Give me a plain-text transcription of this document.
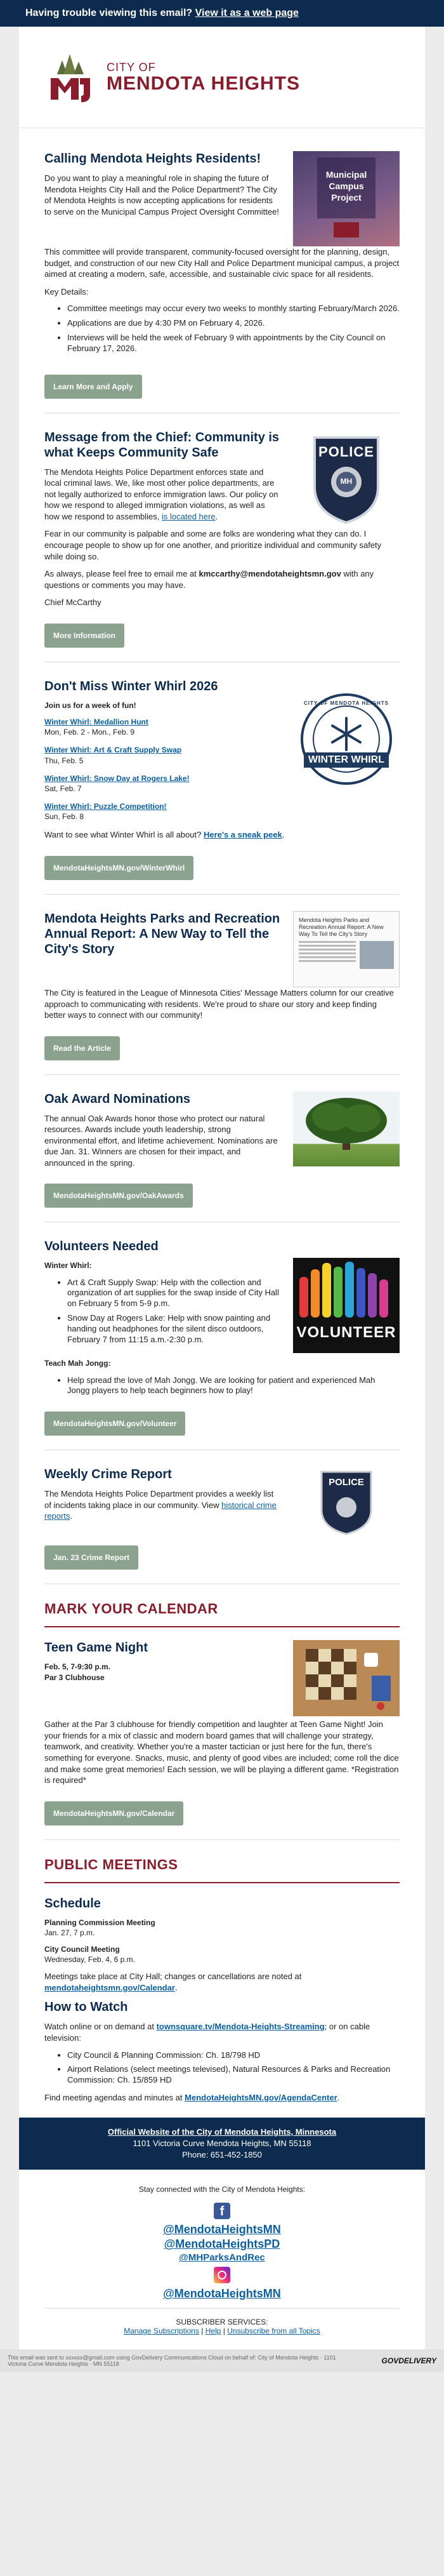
Having trouble viewing this email? View it as a web page
CITY OF
MENDOTA HEIGHTS
Calling Mendota Heights Residents!

Do you want to play a meaningful role in shaping the future of Mendota Heights City Hall and the Police Department? The City of Mendota Heights is now accepting applications for residents to serve on the Municipal Campus Project Oversight Committee!

Municipal
Campus
Project

This committee will provide transparent, community-focused oversight for the planning, design, budget, and construction of our new City Hall and Police Department municipal campus, a project aimed at creating a modern, safe, accessible, and sustainable civic space for all residents.

Key Details:

• Committee meetings may occur every two weeks to monthly starting February/March 2026.
• Applications are due by 4:30 PM on February 4, 2026.
• Interviews will be held the week of February 9 with appointments by the City Council on February 17, 2026.
Learn More and Apply
Message from the Chief: Community is what Keeps Community Safe

The Mendota Heights Police Department enforces state and local criminal laws. We, like most other police departments, are not legally authorized to enforce immigration laws. Our policy on how we respond to alleged immigration violations, as well as how we respond to assemblies, is located here.

POLICE
MH

Fear in our community is palpable and some are folks are wondering what they can do. I encourage people to show up for one another, and prioritize individual and community safety while doing so.

As always, please feel free to email me at kmccarthy@mendotaheightsmn.gov with any questions or comments you may have.

Chief McCarthy

More Information
Don't Miss Winter Whirl 2026

Join us for a week of fun!

Winter Whirl: Medallion Hunt
Mon, Feb. 2 - Mon., Feb. 9

Winter Whirl: Art & Craft Supply Swap
Thu, Feb. 5

Winter Whirl: Snow Day at Rogers Lake!
Sat, Feb. 7

Winter Whirl: Puzzle Competition!
Sun, Feb. 8

CITY OF MENDOTA HEIGHTS
WINTER WHIRL

Want to see what Winter Whirl is all about? Here's a sneak peek.

MendotaHeightsMN.gov/WinterWhirl
Mendota Heights Parks and Recreation Annual Report: A New Way to Tell the City's Story
Mendota Heights Parks and Recreation Annual Report: A New Way To Tell the City's Story

The City is featured in the League of Minnesota Cities' Message Matters column for our creative approach to communicating with residents. We're proud to share our story and keep finding better ways to connect with our community!

Read the Article
Oak Award Nominations

The annual Oak Awards honor those who protect our natural resources. Awards include youth leadership, strong environmental effort, and lifetime achievement. Nominations are due Jan. 31. Winners are chosen for their impact, and announced in the spring.

MendotaHeightsMN.gov/OakAwards
Volunteers Needed

Winter Whirl:

• Art & Craft Supply Swap: Help with the collection and organization of art supplies for the swap inside of City Hall on February 5 from 5-9 p.m.
• Snow Day at Rogers Lake: Help with snow painting and handing out headphones for the silent disco outdoors, February 7 from 11:15 a.m.-2:30 p.m.	VOLUNTEER

Teach Mah Jongg:

• Help spread the love of Mah Jongg. We are looking for patient and experienced Mah Jongg players to help teach beginners how to play!
MendotaHeightsMN.gov/Volunteer
Weekly Crime Report

The Mendota Heights Police Department provides a weekly list of incidents taking place in our community. View historical crime reports.

POLICE
Jan. 23 Crime Report
MARK YOUR CALENDAR
Teen Game Night

Feb. 5, 7-9:30 p.m.
Par 3 Clubhouse

Gather at the Par 3 clubhouse for friendly competition and laughter at Teen Game Night! Join your friends for a mix of classic and modern board games that will challenge your strategy, teamwork, and creativity. Whether you're a master tactician or just here for the fun, there's something for everyone. Snacks, music, and plenty of good vibes are included; come roll the dice and make some great memories! Each session, we will be playing a different game. *Registration is required*

MendotaHeightsMN.gov/Calendar
PUBLIC MEETINGS
Schedule

Planning Commission Meeting
Jan. 27, 7 p.m.

City Council Meeting
Wednesday, Feb. 4, 6 p.m.

Meetings take place at City Hall; changes or cancellations are noted at mendotaheightsmn.gov/Calendar.

How to Watch

Watch online or on demand at townsquare.tv/Mendota-Heights-Streaming; or on cable television:

• City Council & Planning Commission: Ch. 18/798 HD
• Airport Relations (select meetings televised), Natural Resources & Parks and Recreation Commission: Ch. 15/859 HD

Find meeting agendas and minutes at MendotaHeightsMN.gov/AgendaCenter.

Official Website of the City of Mendota Heights, Minnesota
1101 Victoria Curve Mendota Heights, MN 55118
Phone: 651-452-1850
Stay connected with the City of Mendota Heights:
f
@MendotaHeightsMN
@MendotaHeightsPD
@MHParksAndRec
@MendotaHeightsMN
SUBSCRIBER SERVICES:
Manage Subscriptions | Help | Unsubscribe from all Topics
This email was sent to xxxxxx@gmail.com using GovDelivery Communications Cloud on behalf of: City of Mendota Heights · 1101 Victoria Curve Mendota Heights · MN 55118	GOVDELIVERY
